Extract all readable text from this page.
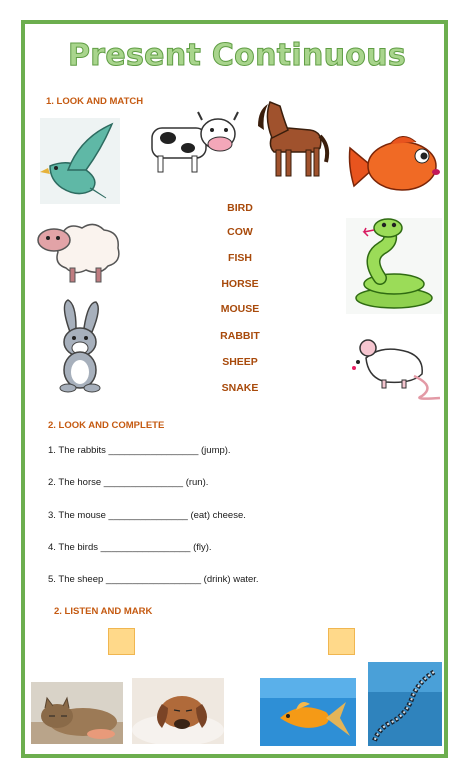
Present Continuous
1. LOOK AND MATCH
BIRD
COW
FISH
HORSE
MOUSE
RABBIT
SHEEP
SNAKE
2. LOOK AND COMPLETE
1. The rabbits _________________ (jump).
2. The horse _______________ (run).
3. The mouse _______________ (eat) cheese.
4. The birds _________________ (fly).
5. The sheep __________________ (drink) water.
2. LISTEN AND MARK
